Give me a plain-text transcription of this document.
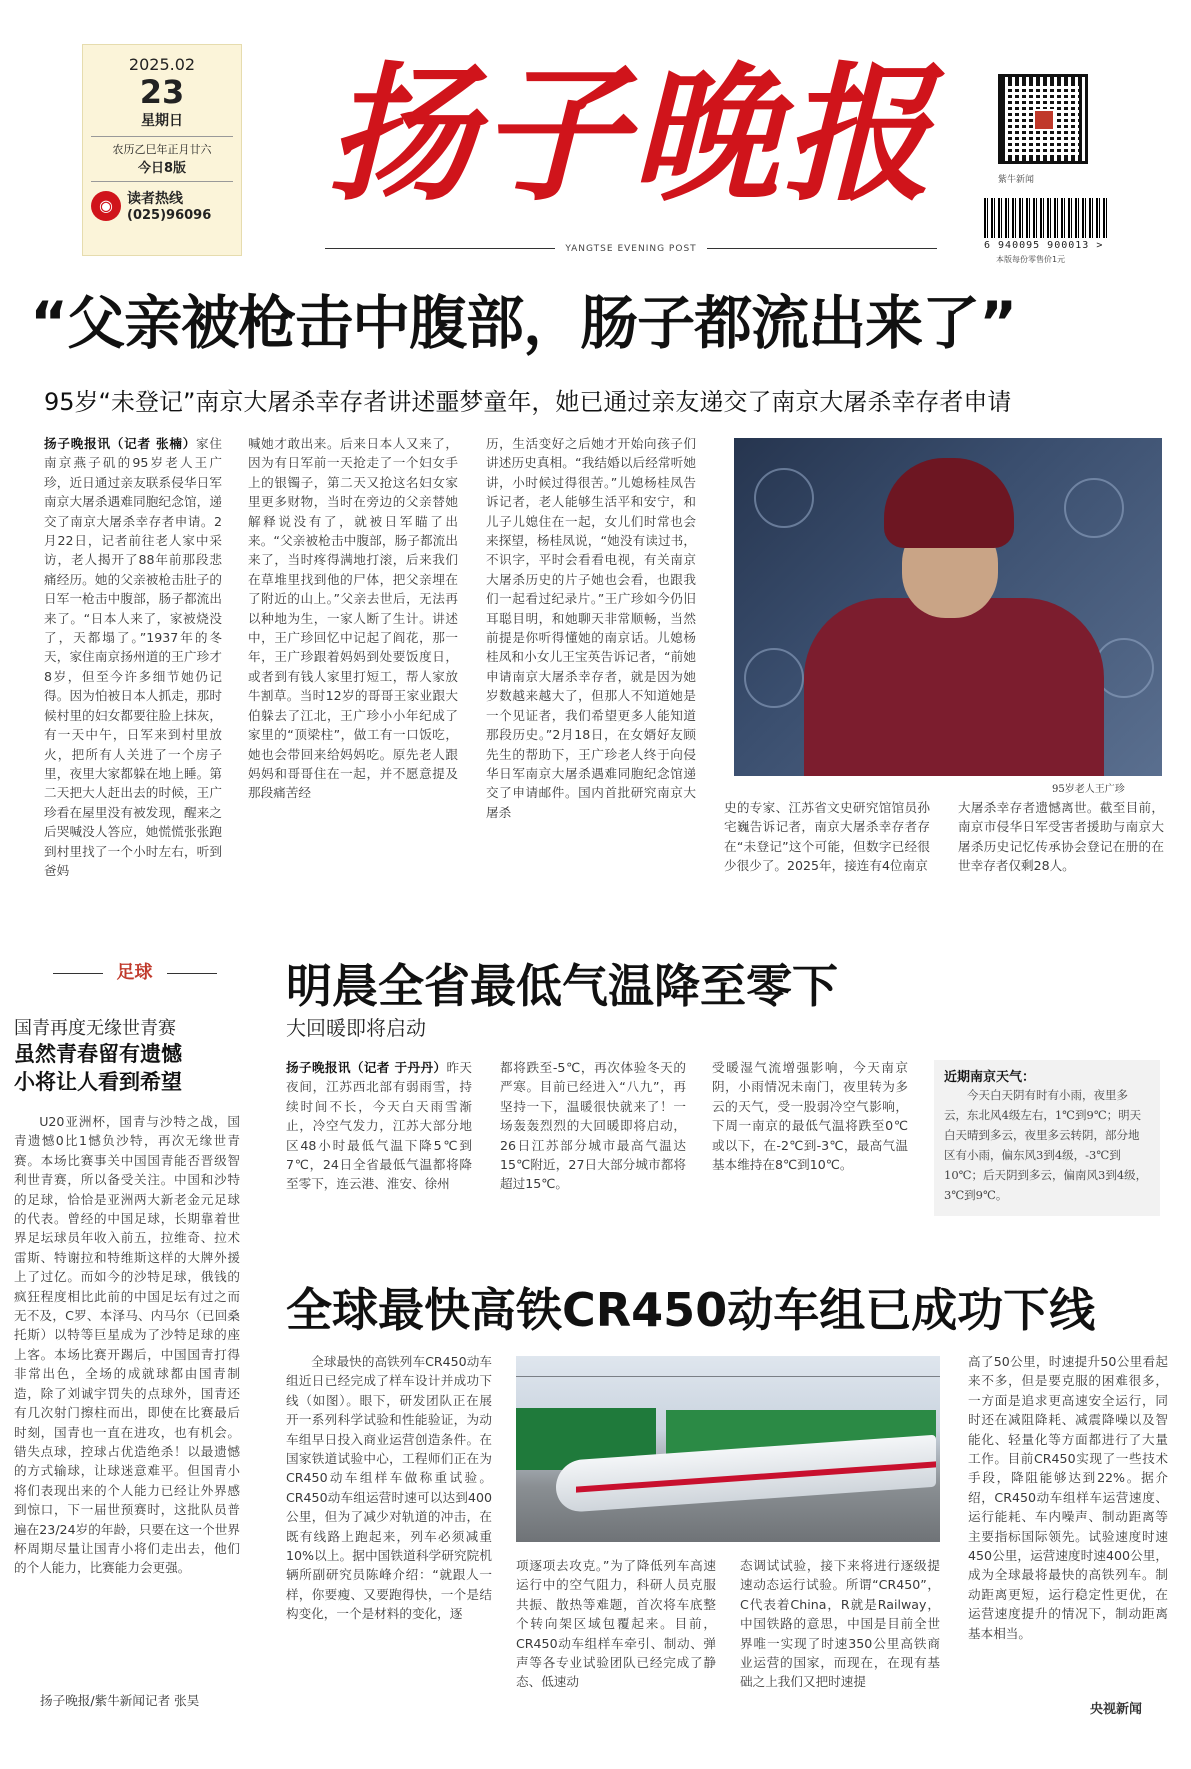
2025.02
23
星期日
农历乙巳年正月廿六
今日8版
◉	读者热线
(025)96096 扬子晚报
YANGTSE EVENING POST
紫牛新闻
6 940095 900013 >
本版每份零售价1元
“父亲被枪击中腹部，肠子都流出来了”
95岁“未登记”南京大屠杀幸存者讲述噩梦童年，她已通过亲友递交了南京大屠杀幸存者申请
扬子晚报讯（记者 张楠）家住南京燕子矶的95岁老人王广珍，近日通过亲友联系侵华日军南京大屠杀遇难同胞纪念馆，递交了南京大屠杀幸存者申请。2月22日，记者前往老人家中采访，老人揭开了88年前那段悲痛经历。她的父亲被枪击肚子的日军一枪击中腹部，肠子都流出来了。“日本人来了，家被烧没了，天都塌了。”1937年的冬天，家住南京扬州道的王广珍才8岁，但至今许多细节她仍记得。因为怕被日本人抓走，那时候村里的妇女都要往脸上抹灰，有一天中午，日军来到村里放火，把所有人关进了一个房子里，夜里大家都躲在地上睡。第二天把大人赶出去的时候，王广珍看在屋里没有被发现，醒来之后哭喊没人答应，她慌慌张张跑到村里找了一个小时左右，听到爸妈
喊她才敢出来。后来日本人又来了，因为有日军前一天抢走了一个妇女手上的银镯子，第二天又抢这名妇女家里更多财物，当时在旁边的父亲替她解释说没有了，就被日军瞄了出来。“父亲被枪击中腹部，肠子都流出来了，当时疼得满地打滚，后来我们在草堆里找到他的尸体，把父亲埋在了附近的山上。”父亲去世后，无法再以种地为生，一家人断了生计。讲述中，王广珍回忆中记起了阎花，那一年，王广珍跟着妈妈到处要饭度日，或者到有钱人家里打短工，帮人家放牛割草。当时12岁的哥哥王家业跟大伯躲去了江北，王广珍小小年纪成了家里的“顶梁柱”，做工有一口饭吃，她也会带回来给妈妈吃。原先老人跟妈妈和哥哥住在一起，并不愿意提及那段痛苦经
历，生活变好之后她才开始向孩子们讲述历史真相。“我结婚以后经常听她讲，小时候过得很苦。”儿媳杨桂凤告诉记者，老人能够生活平和安宁，和儿子儿媳住在一起，女儿们时常也会来探望，杨桂凤说，“她没有读过书，不识字，平时会看看电视，有关南京大屠杀历史的片子她也会看，也跟我们一起看过纪录片。”王广珍如今仍旧耳聪目明，和她聊天非常顺畅，当然前提是你听得懂她的南京话。儿媳杨桂凤和小女儿王宝英告诉记者，“前她申请南京大屠杀幸存者，就是因为她岁数越来越大了，但那人不知道她是一个见证者，我们希望更多人能知道那段历史。”2月18日，在女婿好友顾先生的帮助下，王广珍老人终于向侵华日军南京大屠杀遇难同胞纪念馆递交了申请邮件。国内首批研究南京大屠杀
95岁老人王广珍
史的专家、江苏省文史研究馆馆员孙宅巍告诉记者，南京大屠杀幸存者存在“未登记”这个可能，但数字已经很少很少了。2025年，接连有4位南京
大屠杀幸存者遗憾离世。截至目前，南京市侵华日军受害者援助与南京大屠杀历史记忆传承协会登记在册的在世幸存者仅剩28人。
足球
国青再度无缘世青赛
虽然青春留有遗憾
小将让人看到希望
U20亚洲杯，国青与沙特之战，国青遗憾0比1憾负沙特，再次无缘世青赛。本场比赛事关中国国青能否晋级智利世青赛，所以备受关注。中国和沙特的足球，恰恰是亚洲两大新老金元足球的代表。曾经的中国足球，长期靠着世界足坛球员年收入前五，拉维奇、拉术雷斯、特谢拉和特维斯这样的大牌外援上了过亿。而如今的沙特足球，俄钱的疯狂程度相比此前的中国足坛有过之而无不及，C罗、本泽马、内马尔（已回桑托斯）以特等巨星成为了沙特足球的座上客。本场比赛开踢后，中国国青打得非常出色，全场的成就球都由国青制造，除了刘诚宇罚失的点球外，国青还有几次射门擦柱而出，即使在比赛最后时刻，国青也一直在进攻，也有机会。错失点球，控球占优造绝杀！以最遗憾的方式输球，让球迷意难平。但国青小将们表现出来的个人能力已经让外界感到惊口，下一届世预赛时，这批队员普遍在23/24岁的年龄，只要在这一个世界杯周期尽量让国青小将们走出去，他们的个人能力，比赛能力会更强。
扬子晚报/紫牛新闻记者 张昊
明晨全省最低气温降至零下
大回暖即将启动
扬子晚报讯（记者 于丹丹）昨天夜间，江苏西北部有弱雨雪，持续时间不长，今天白天雨雪渐止，冷空气发力，江苏大部分地区48小时最低气温下降5℃到7℃，24日全省最低气温都将降至零下，连云港、淮安、徐州
都将跌至-5℃，再次体验冬天的严寒。目前已经进入“八九”，再坚持一下，温暖很快就来了！一场轰轰烈烈的大回暖即将启动，26日江苏部分城市最高气温达15℃附近，27日大部分城市都将超过15℃。
受暖湿气流增强影响，今天南京阴，小雨情况未南门，夜里转为多云的天气，受一股弱冷空气影响，下周一南京的最低气温将跌至0℃或以下，在-2℃到-3℃，最高气温基本维持在8℃到10℃。
近期南京天气：
今天白天阴有时有小雨，夜里多云，东北风4级左右，1℃到9℃；明天白天晴到多云，夜里多云转阴，部分地区有小雨，偏东风3到4级，-3℃到10℃；后天阴到多云，偏南风3到4级，3℃到9℃。
全球最快高铁CR450动车组已成功下线
全球最快的高铁列车CR450动车组近日已经完成了样车设计并成功下线（如图）。眼下，研发团队正在展开一系列科学试验和性能验证，为动车组早日投入商业运营创造条件。在国家铁道试验中心，工程师们正在为CR450动车组样车做称重试验。CR450动车组运营时速可以达到400公里，但为了减少对轨道的冲击，在既有线路上跑起来，列车必须减重10%以上。据中国铁道科学研究院机辆所副研究员陈峰介绍：“就跟人一样，你要瘦、又要跑得快，一个是结构变化，一个是材料的变化，逐
项逐项去攻克。”为了降低列车高速运行中的空气阻力，科研人员克服共振、散热等难题，首次将车底整个转向架区域包覆起来。目前，CR450动车组样车牵引、制动、弹声等各专业试验团队已经完成了静态、低速动
态调试试验，接下来将进行逐级提速动态运行试验。所谓“CR450”，C代表着China，R就是Railway，中国铁路的意思，中国是目前全世界唯一实现了时速350公里高铁商业运营的国家，而现在，在现有基础之上我们又把时速提
高了50公里，时速提升50公里看起来不多，但是要克服的困难很多，一方面是追求更高速安全运行，同时还在减阻降耗、减震降噪以及智能化、轻量化等方面都进行了大量工作。目前CR450实现了一些技术手段，降阻能够达到22%。据介绍，CR450动车组样车运营速度、运行能耗、车内噪声、制动距离等主要指标国际领先。试验速度时速450公里，运营速度时速400公里，成为全球最将最快的高铁列车。制动距离更短，运行稳定性更优，在运营速度提升的情况下，制动距离基本相当。
央视新闻
